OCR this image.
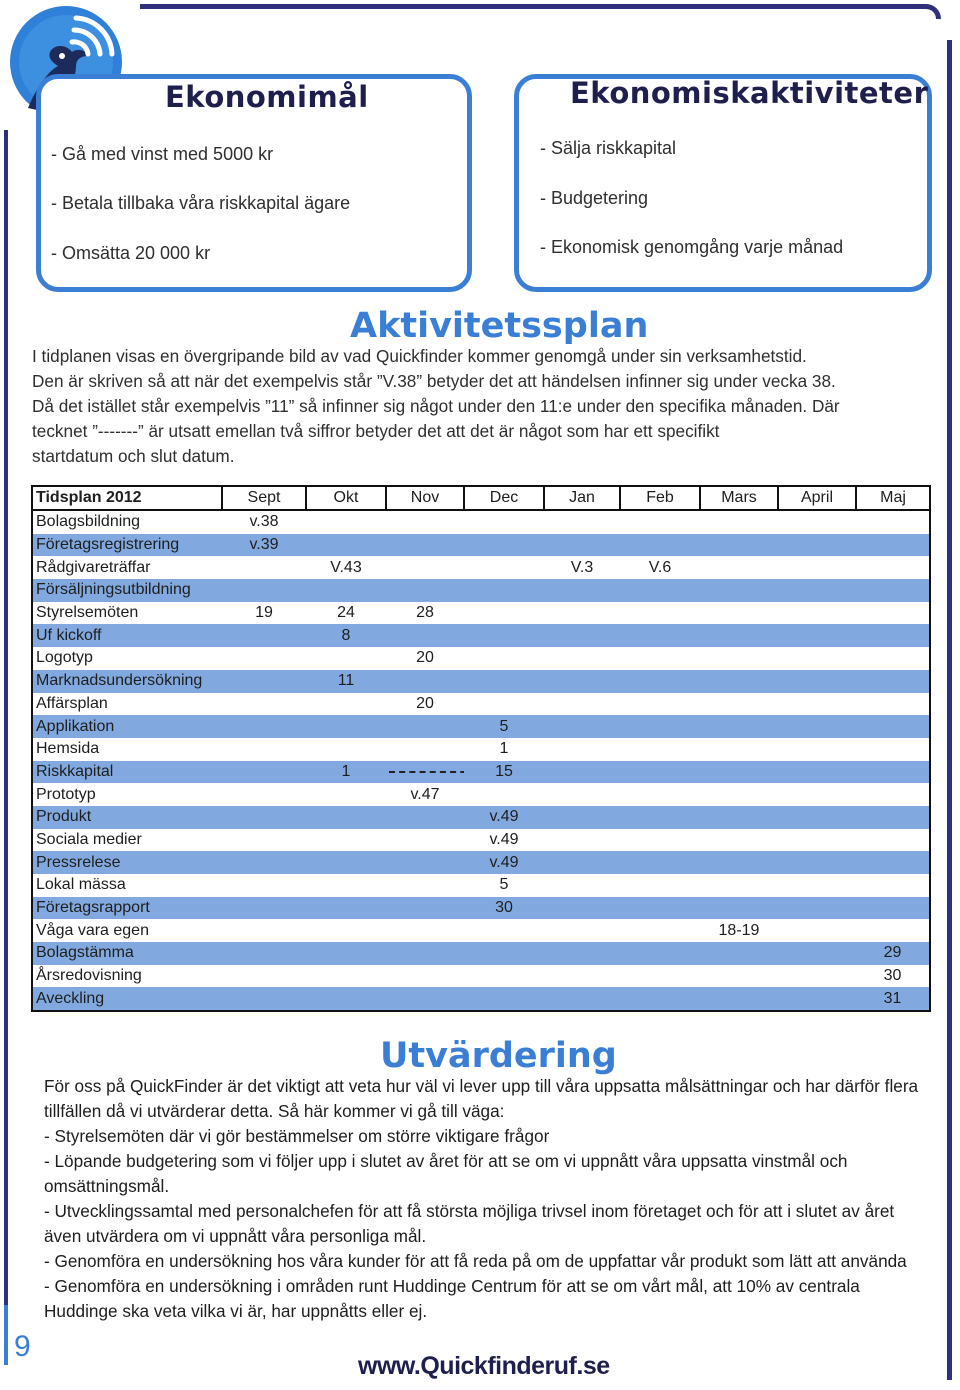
Ekonomimål
- Gå med vinst med 5000 kr
- Betala tillbaka våra riskkapital ägare
- Omsätta 20 000 kr
Ekonomiskaktiviteter
- Sälja riskkapital
- Budgetering
- Ekonomisk genomgång varje månad
Aktivitetssplan

I tidplanen visas en övergripande bild av vad Quickfinder kommer genomgå under sin verksamhetstid.

Den är skriven så att när det exempelvis står ”V.38” betyder det att händelsen infinner sig under vecka 38.

Då det istället står exempelvis ”11” så infinner sig något under den 11:e under den specifika månaden. Där

tecknet ”-------” är utsatt emellan två siffror betyder det att det är något som har ett specifikt

startdatum och slut datum.

Tidsplan 2012	Sept	Okt	Nov	Dec	Jan	Feb	Mars	April	Maj
Bolagsbildning	v.38								
Företagsregistrering	v.39								
Rådgivareträffar		V.43			V.3	V.6			
Försäljningsutbildning									
Styrelsemöten	19	24	28						
Uf kickoff		8							
Logotyp			20						
Marknadsundersökning		11							
Affärsplan			20						
Applikation				5					
Hemsida				1					
Riskkapital		1		15					
Prototyp			v.47						
Produkt				v.49					
Sociala medier				v.49					
Pressrelese				v.49					
Lokal mässa				5					
Företagsrapport				30					
Våga vara egen							18-19		
Bolagstämma									29
Årsredovisning									30
Aveckling									31
Utvärdering

För oss på QuickFinder är det viktigt att veta hur väl vi lever upp till våra uppsatta målsättningar och har därför flera tillfällen då vi utvärderar detta. Så här kommer vi gå till väga:

- Styrelsemöten där vi gör bestämmelser om större viktigare frågor

- Löpande budgetering som vi följer upp i slutet av året för att se om vi uppnått våra uppsatta vinstmål och omsättningsmål.

- Utvecklingssamtal med personalchefen för att få största möjliga trivsel inom företaget och för att i slutet av året även utvärdera om vi uppnått våra personliga mål.

- Genomföra en undersökning hos våra kunder för att få reda på om de uppfattar vår produkt som lätt att använda

- Genomföra en undersökning i områden runt Huddinge Centrum för att se om vårt mål, att 10% av centrala Huddinge ska veta vilka vi är, har uppnåtts eller ej.

9
www.Quickfinderuf.se
